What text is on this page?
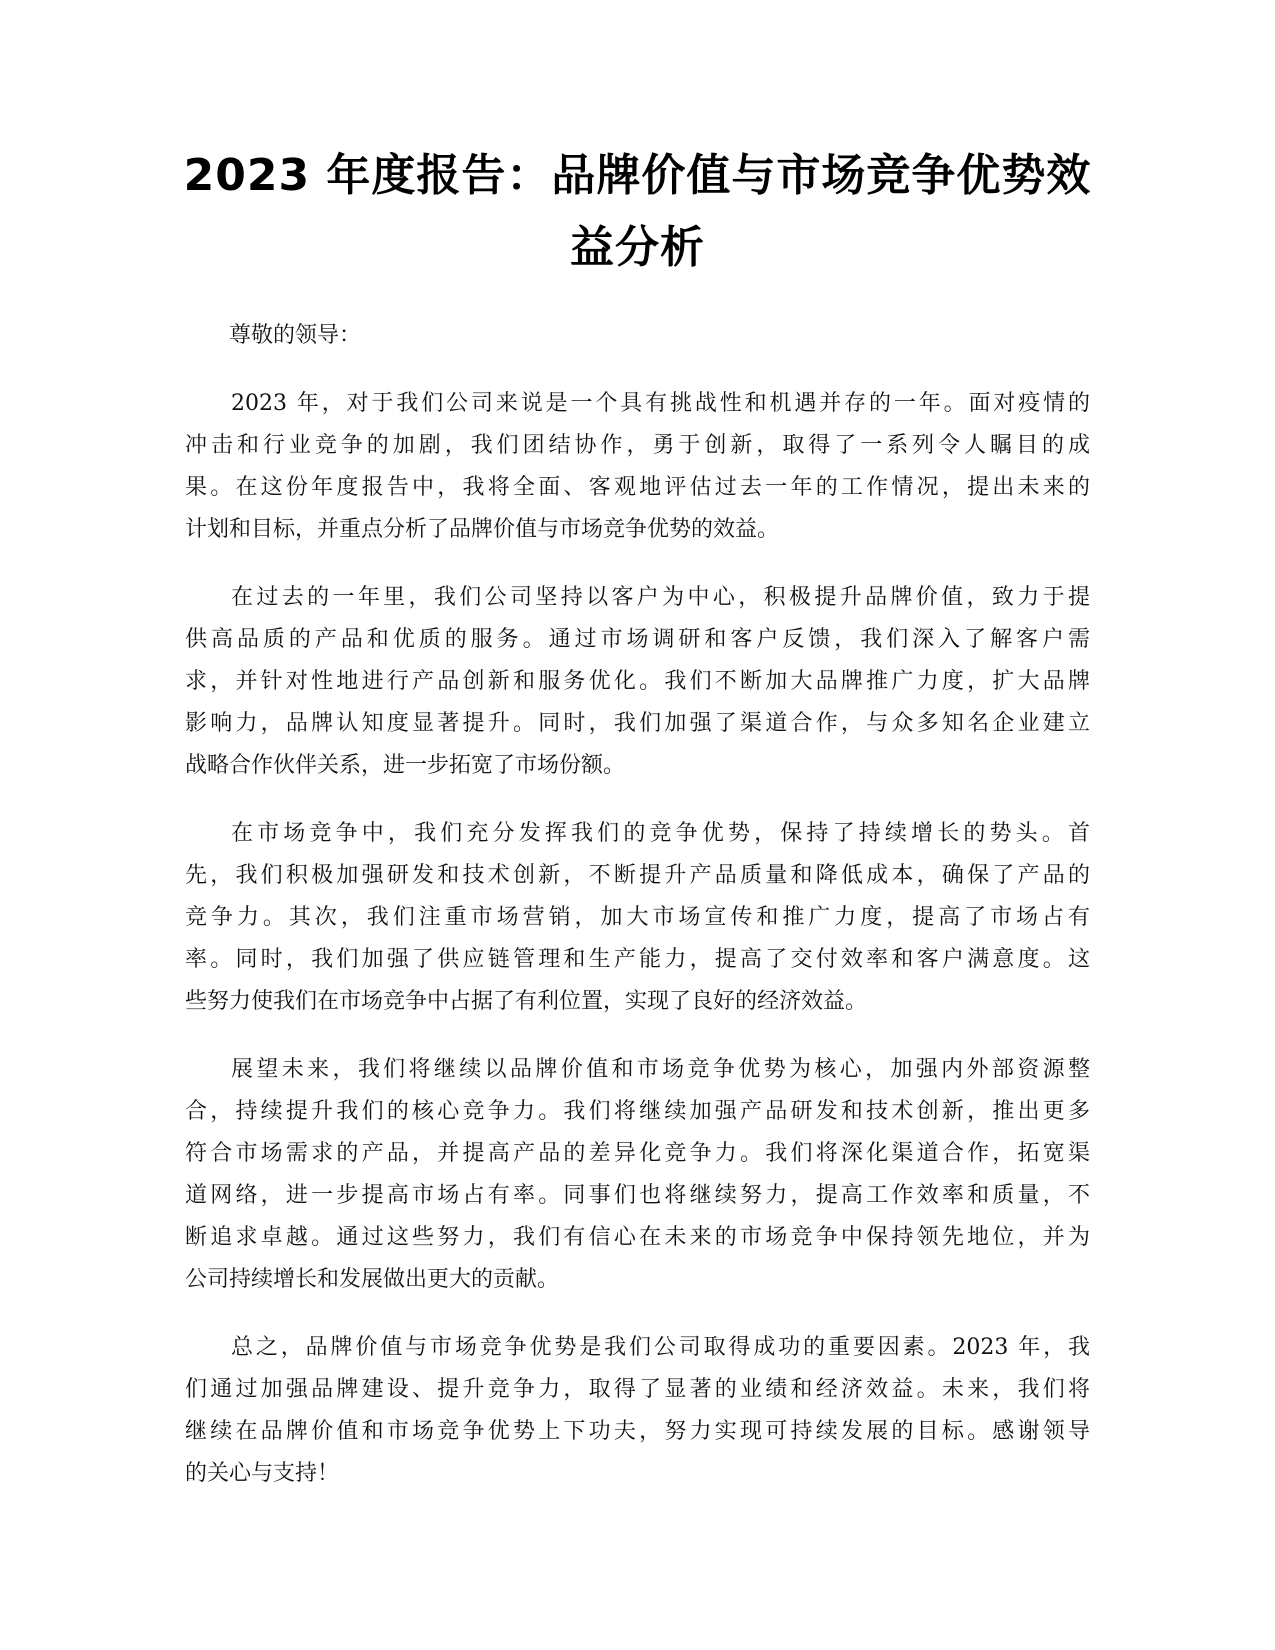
2023 年度报告：品牌价值与市场竞争优势效
益分析
尊敬的领导：
2023 年，对于我们公司来说是一个具有挑战性和机遇并存的一年。面对疫情的
冲击和行业竞争的加剧，我们团结协作，勇于创新，取得了一系列令人瞩目的成
果。在这份年度报告中，我将全面、客观地评估过去一年的工作情况，提出未来的
计划和目标，并重点分析了品牌价值与市场竞争优势的效益。
在过去的一年里，我们公司坚持以客户为中心，积极提升品牌价值，致力于提
供高品质的产品和优质的服务。通过市场调研和客户反馈，我们深入了解客户需
求，并针对性地进行产品创新和服务优化。我们不断加大品牌推广力度，扩大品牌
影响力，品牌认知度显著提升。同时，我们加强了渠道合作，与众多知名企业建立
战略合作伙伴关系，进一步拓宽了市场份额。
在市场竞争中，我们充分发挥我们的竞争优势，保持了持续增长的势头。首
先，我们积极加强研发和技术创新，不断提升产品质量和降低成本，确保了产品的
竞争力。其次，我们注重市场营销，加大市场宣传和推广力度，提高了市场占有
率。同时，我们加强了供应链管理和生产能力，提高了交付效率和客户满意度。这
些努力使我们在市场竞争中占据了有利位置，实现了良好的经济效益。
展望未来，我们将继续以品牌价值和市场竞争优势为核心，加强内外部资源整
合，持续提升我们的核心竞争力。我们将继续加强产品研发和技术创新，推出更多
符合市场需求的产品，并提高产品的差异化竞争力。我们将深化渠道合作，拓宽渠
道网络，进一步提高市场占有率。同事们也将继续努力，提高工作效率和质量，不
断追求卓越。通过这些努力，我们有信心在未来的市场竞争中保持领先地位，并为
公司持续增长和发展做出更大的贡献。
总之，品牌价值与市场竞争优势是我们公司取得成功的重要因素。2023 年，我
们通过加强品牌建设、提升竞争力，取得了显著的业绩和经济效益。未来，我们将
继续在品牌价值和市场竞争优势上下功夫，努力实现可持续发展的目标。感谢领导
的关心与支持！
